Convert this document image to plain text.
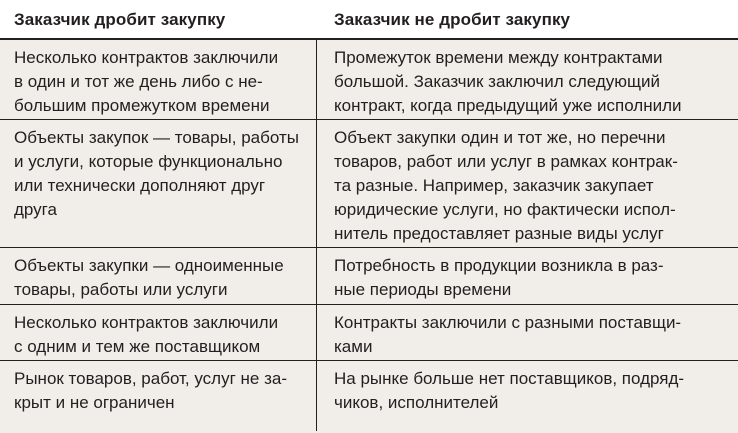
Заказчик дробит закупку	Заказчик не дробит закупку
Несколько контрактов заключили
в один и тот же день либо с не-
большим промежутком времени
Промежуток времени между контрактами
большой. Заказчик заключил следующий
контракт, когда предыдущий уже исполнили
Объекты закупок — товары, работы
и услуги, которые функционально
или технически дополняют друг
друга
Объект закупки один и тот же, но перечни
товаров, работ или услуг в рамках контрак-
та разные. Например, заказчик закупает
юридические услуги, но фактически испол-
нитель предоставляет разные виды услуг
Объекты закупки — одноименные
товары, работы или услуги
Потребность в продукции возникла в раз-
ные периоды времени
Несколько контрактов заключили
с одним и тем же поставщиком
Контракты заключили с разными поставщи-
ками
Рынок товаров, работ, услуг не за-
крыт и не ограничен
На рынке больше нет поставщиков, подряд-
чиков, исполнителей
